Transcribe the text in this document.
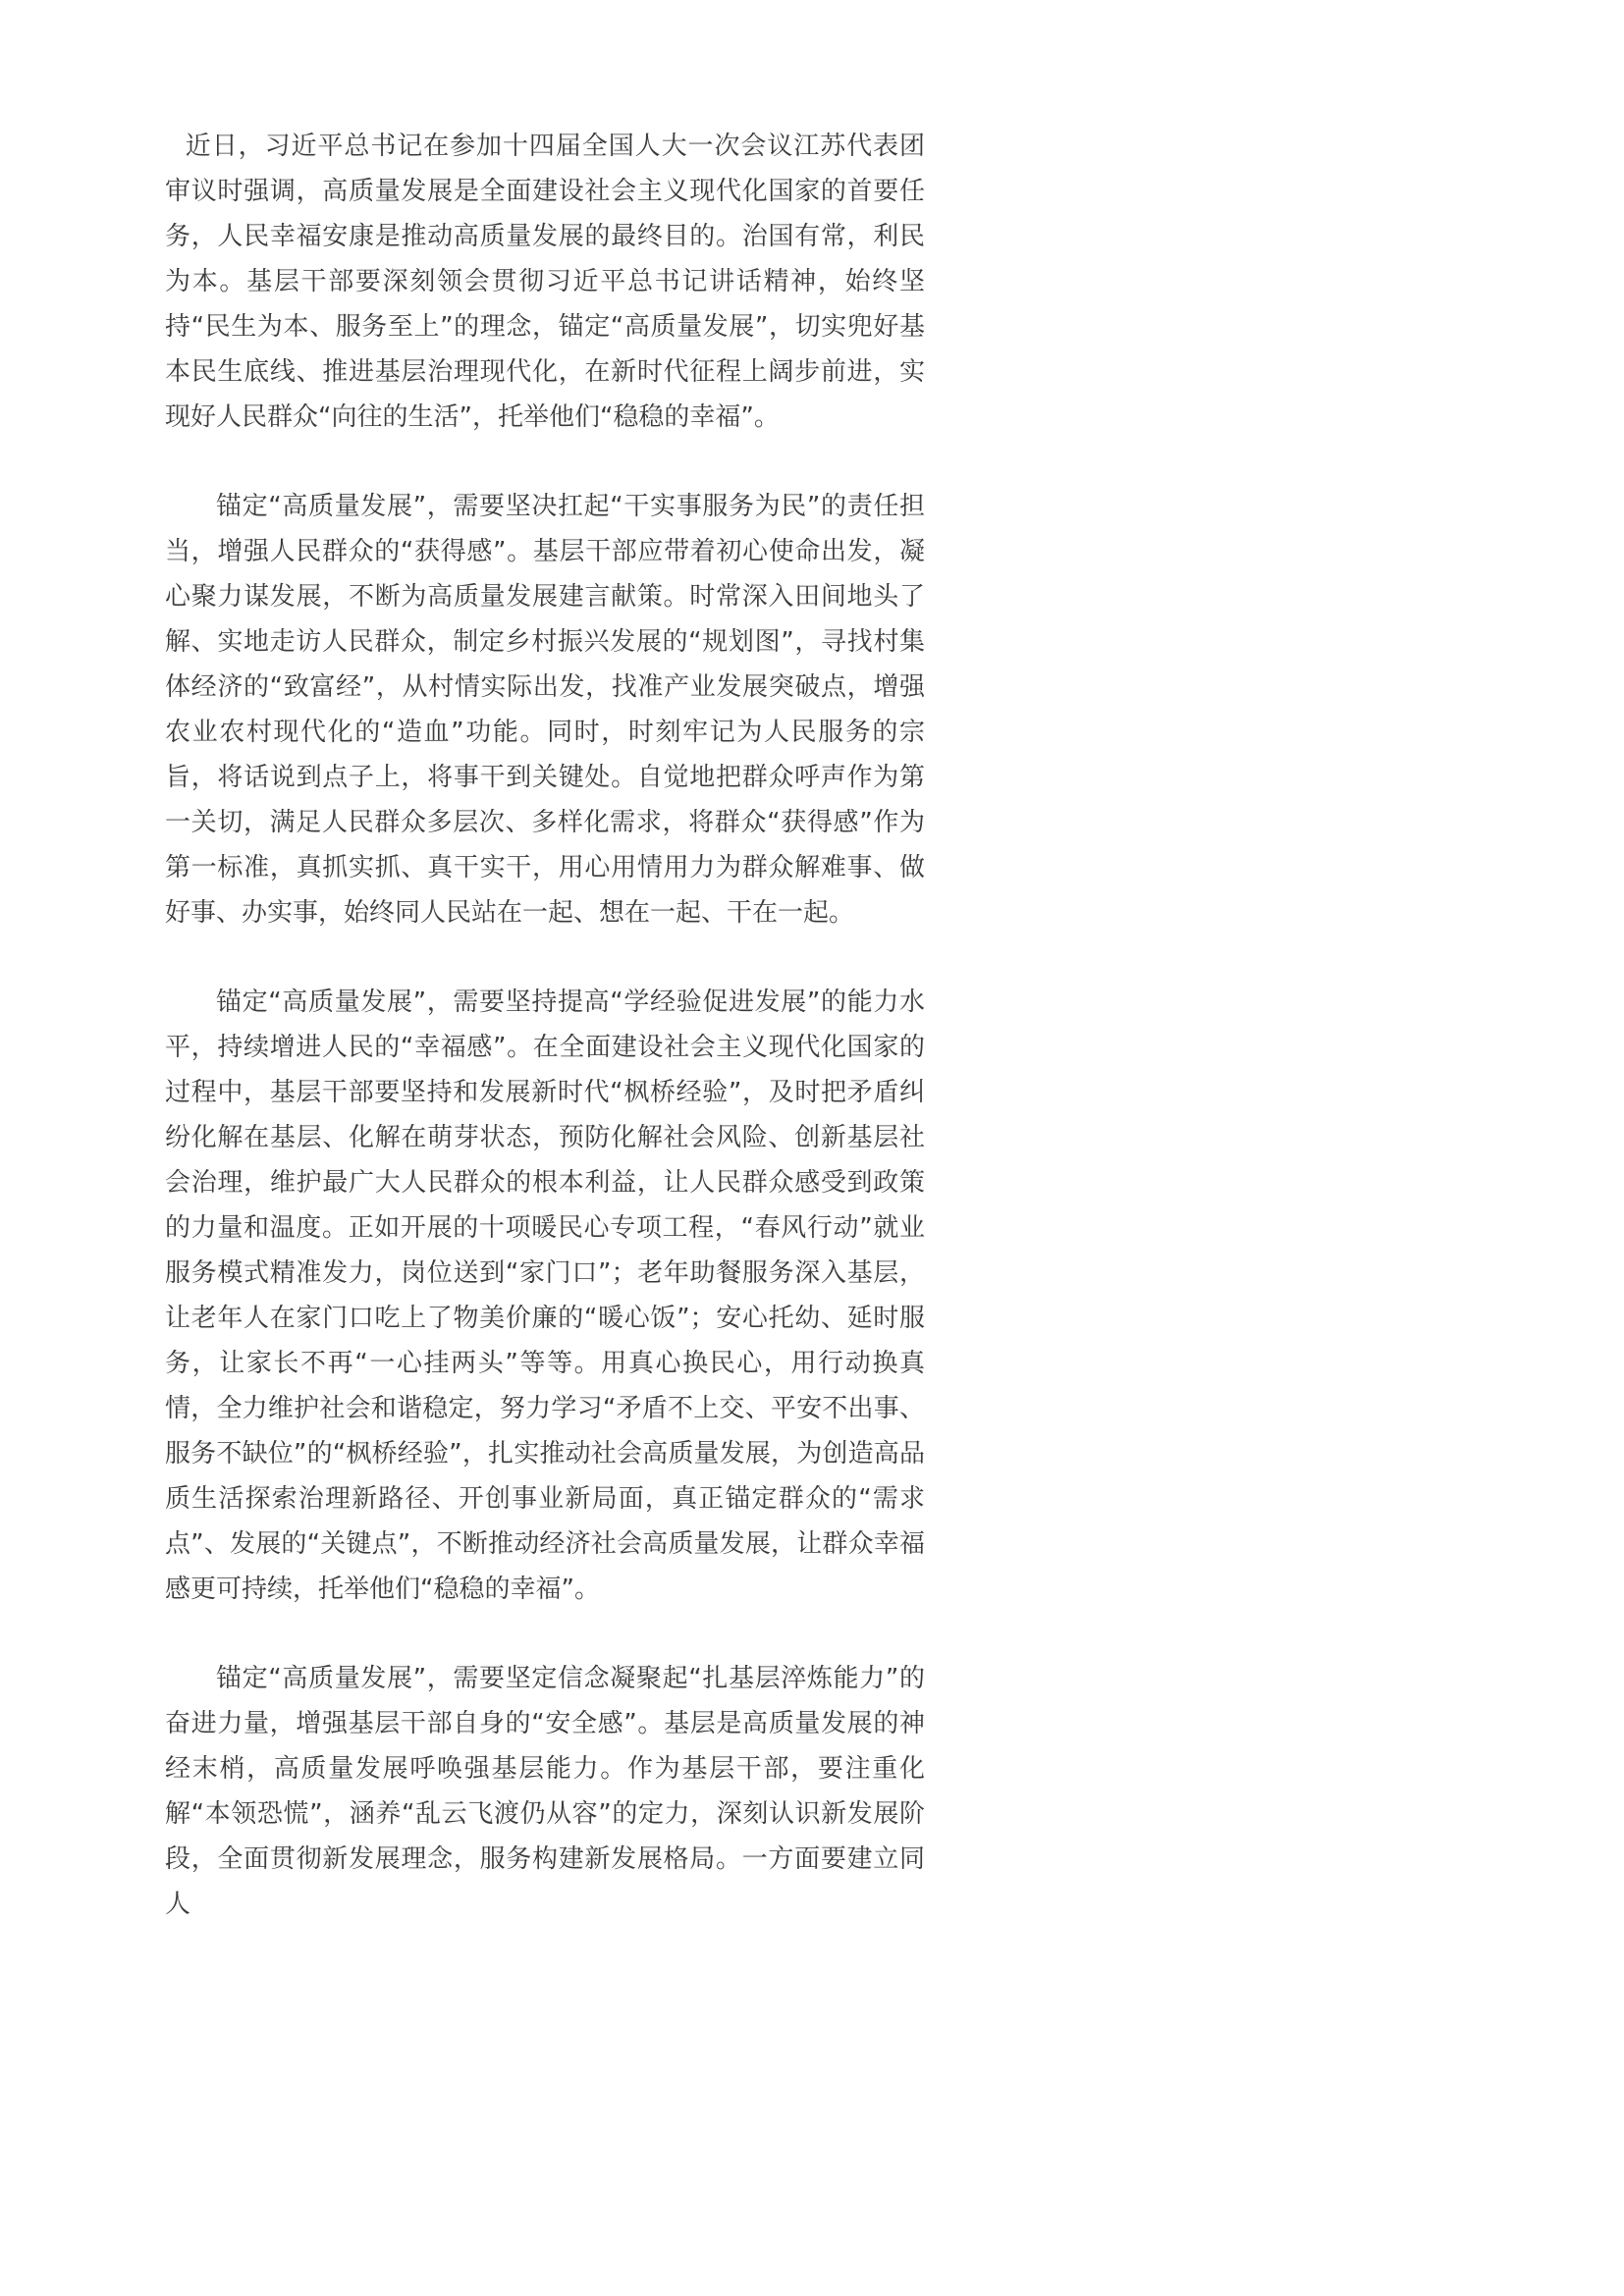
近日，习近平总书记在参加十四届全国人大一次会议江苏代表团审议时强调，高质量发展是全面建设社会主义现代化国家的首要任务，人民幸福安康是推动高质量发展的最终目的。治国有常，利民为本。基层干部要深刻领会贯彻习近平总书记讲话精神，始终坚持“民生为本、服务至上”的理念，锚定“高质量发展”，切实兜好基本民生底线、推进基层治理现代化，在新时代征程上阔步前进，实现好人民群众“向往的生活”，托举他们“稳稳的幸福”。

锚定“高质量发展”，需要坚决扛起“干实事服务为民”的责任担当，增强人民群众的“获得感”。基层干部应带着初心使命出发，凝心聚力谋发展，不断为高质量发展建言献策。时常深入田间地头了解、实地走访人民群众，制定乡村振兴发展的“规划图”，寻找村集体经济的“致富经”，从村情实际出发，找准产业发展突破点，增强农业农村现代化的“造血”功能。同时，时刻牢记为人民服务的宗旨，将话说到点子上，将事干到关键处。自觉地把群众呼声作为第一关切，满足人民群众多层次、多样化需求，将群众“获得感”作为第一标准，真抓实抓、真干实干，用心用情用力为群众解难事、做好事、办实事，始终同人民站在一起、想在一起、干在一起。

锚定“高质量发展”，需要坚持提高“学经验促进发展”的能力水平，持续增进人民的“幸福感”。在全面建设社会主义现代化国家的过程中，基层干部要坚持和发展新时代“枫桥经验”，及时把矛盾纠纷化解在基层、化解在萌芽状态，预防化解社会风险、创新基层社会治理，维护最广大人民群众的根本利益，让人民群众感受到政策的力量和温度。正如开展的十项暖民心专项工程，“春风行动”就业服务模式精准发力，岗位送到“家门口”；老年助餐服务深入基层，让老年人在家门口吃上了物美价廉的“暖心饭”；安心托幼、延时服务，让家长不再“一心挂两头”等等。用真心换民心，用行动换真情，全力维护社会和谐稳定，努力学习“矛盾不上交、平安不出事、服务不缺位”的“枫桥经验”，扎实推动社会高质量发展，为创造高品质生活探索治理新路径、开创事业新局面，真正锚定群众的“需求点”、发展的“关键点”，不断推动经济社会高质量发展，让群众幸福感更可持续，托举他们“稳稳的幸福”。

锚定“高质量发展”，需要坚定信念凝聚起“扎基层淬炼能力”的奋进力量，增强基层干部自身的“安全感”。基层是高质量发展的神经末梢，高质量发展呼唤强基层能力。作为基层干部，要注重化解“本领恐慌”，涵养“乱云飞渡仍从容”的定力，深刻认识新发展阶段，全面贯彻新发展理念，服务构建新发展格局。一方面要建立同人
